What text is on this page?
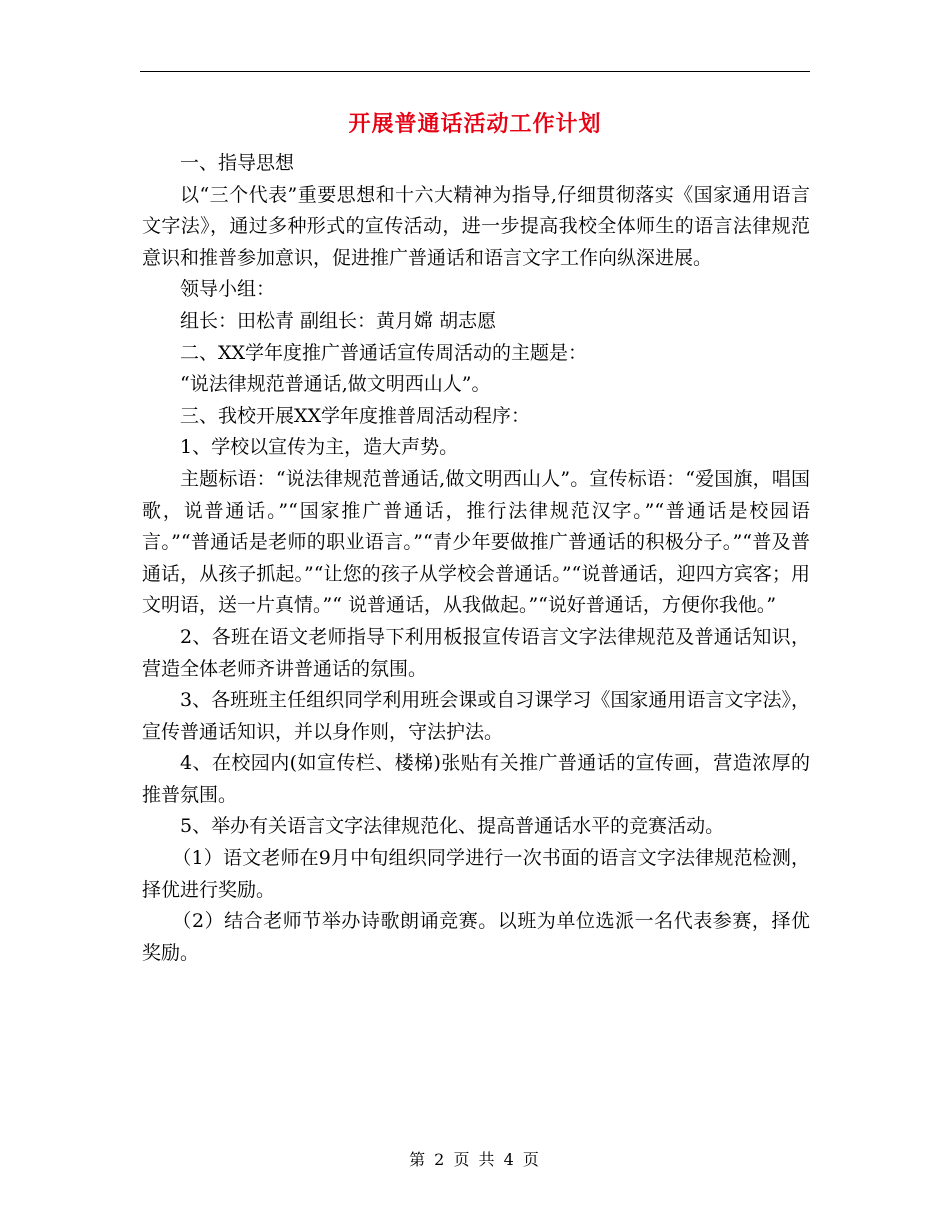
开展普通话活动工作计划

一、指导思想

以“三个代表”重要思想和十六大精神为指导,仔细贯彻落实《国家通用语言文字法》，通过多种形式的宣传活动，进一步提高我校全体师生的语言法律规范意识和推普参加意识，促进推广普通话和语言文字工作向纵深进展。

领导小组：

组长：田松青 副组长：黄月嫦 胡志愿

二、XX学年度推广普通话宣传周活动的主题是：

“说法律规范普通话,做文明西山人”。

三、我校开展XX学年度推普周活动程序：

1、学校以宣传为主，造大声势。

主题标语：“说法律规范普通话,做文明西山人”。宣传标语：“爱国旗，唱国歌，说普通话。”“国家推广普通话，推行法律规范汉字。”“普通话是校园语言。”“普通话是老师的职业语言。”“青少年要做推广普通话的积极分子。”“普及普通话，从孩子抓起。”“让您的孩子从学校会普通话。”“说普通话，迎四方宾客；用文明语，送一片真情。”“ 说普通话，从我做起。”“说好普通话，方便你我他。”

2、各班在语文老师指导下利用板报宣传语言文字法律规范及普通话知识，营造全体老师齐讲普通话的氛围。

3、各班班主任组织同学利用班会课或自习课学习《国家通用语言文字法》，宣传普通话知识，并以身作则，守法护法。

4、在校园内(如宣传栏、楼梯)张贴有关推广普通话的宣传画，营造浓厚的推普氛围。

5、举办有关语言文字法律规范化、提高普通话水平的竞赛活动。

（1）语文老师在9月中旬组织同学进行一次书面的语言文字法律规范检测，择优进行奖励。

（2）结合老师节举办诗歌朗诵竞赛。以班为单位选派一名代表参赛，择优奖励。

第 2 页 共 4 页
